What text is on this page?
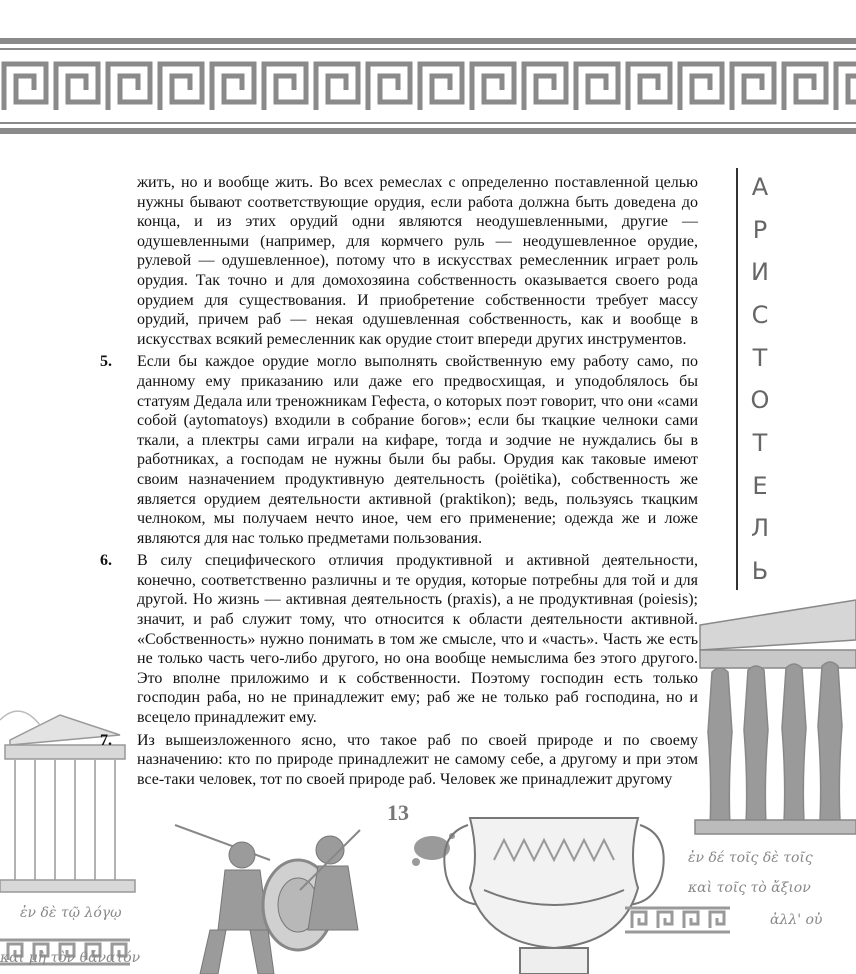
ἐν δὲ τῷ λόγῳ
καὶ μὴ τὸν θάνατόν
ἐν δέ τοῖς δὲ τοῖς
καὶ τοῖς τὸ ἄξιον
ἀλλ' οὐ
А
Р
И
С
Т
О
Т
Е
Л
Ь

жить, но и вообще жить. Во всех ремеслах с определенно поставленной целью нужны бывают соответствующие орудия, если работа должна быть доведена до конца, и из этих орудий одни являются неодушевленными, другие — одушевленными (например, для кормчего руль — неодушевленное орудие, рулевой — одушевленное), потому что в искусствах ремесленник играет роль орудия. Так точно и для домохозяина собственность оказывается своего рода орудием для существования. И приобретение собственности требует массу орудий, причем раб — некая одушевленная собственность, как и вообще в искусствах всякий ремесленник как орудие стоит впереди других инструментов.

5.	Если бы каждое орудие могло выполнять свойственную ему работу само, по данному ему приказанию или даже его предвосхищая, и уподоблялось бы статуям Дедала или треножникам Гефеста, о которых поэт говорит, что они «сами собой (aytomatoys) входили в собрание богов»; если бы ткацкие челноки сами ткали, а плектры сами играли на кифаре, тогда и зодчие не нуждались бы в работниках, а господам не нужны были бы рабы. Орудия как таковые имеют своим назначением продуктивную деятельность (poiëtika), собственность же является орудием деятельности активной (praktikon); ведь, пользуясь ткацким челноком, мы получаем нечто иное, чем его применение; одежда же и ложе являются для нас только предметами пользования.

6.	В силу специфического отличия продуктивной и активной деятельности, конечно, соответственно различны и те орудия, которые потребны для той и для другой. Но жизнь — активная деятельность (praxis), а не продуктивная (poiesis); значит, и раб служит тому, что относится к области деятельности активной. «Собственность» нужно понимать в том же смысле, что и «часть». Часть же есть не только часть чего-либо другого, но она вообще немыслима без этого другого. Это вполне приложимо и к собственности. Поэтому господин есть только господин раба, но не принадлежит ему; раб же не только раб господина, но и всецело принадлежит ему.

7.	Из вышеизложенного ясно, что такое раб по своей природе и по своему назначению: кто по природе принадлежит не самому себе, а другому и при этом все-таки человек, тот по своей природе раб. Человек же принадлежит другому

13
